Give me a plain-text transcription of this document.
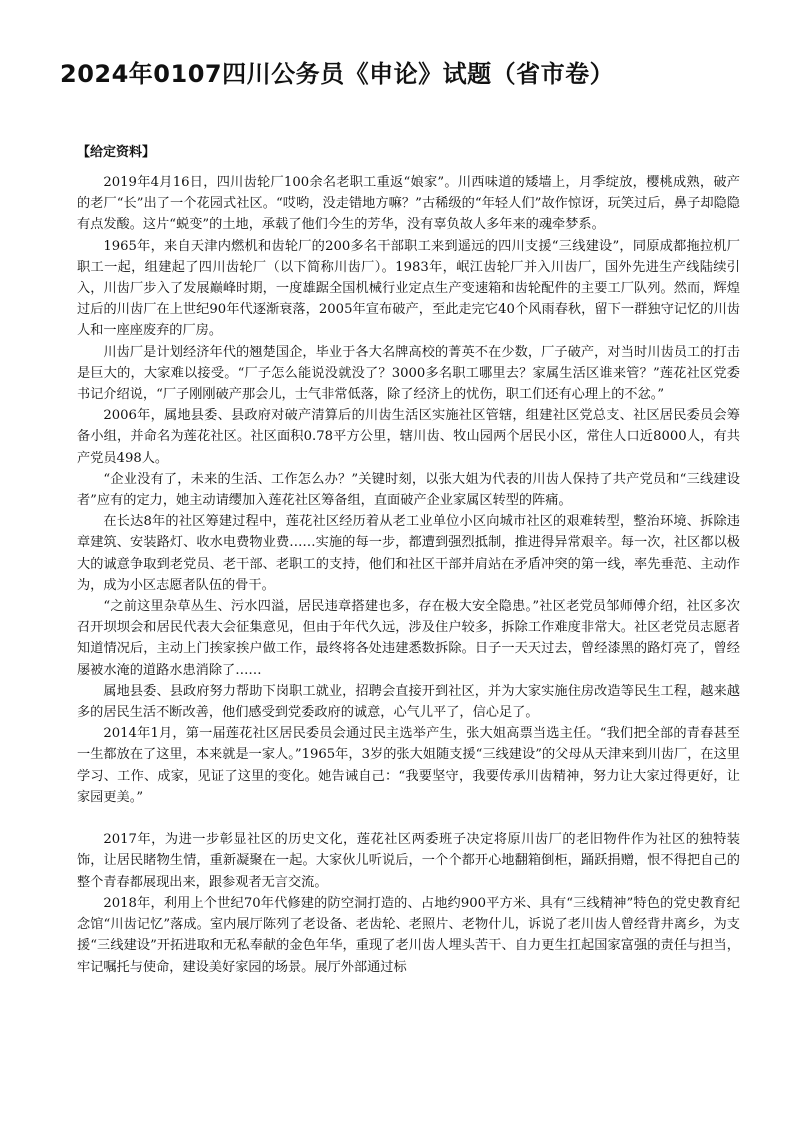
2024年0107四川公务员《申论》试题（省市卷）
【给定资料】

2019年4月16日，四川齿轮厂100余名老职工重返“娘家”。川西味道的矮墙上，月季绽放，樱桃成熟，破产的老厂“长”出了一个花园式社区。“哎哟，没走错地方嘛？”古稀级的“年轻人们”故作惊讶，玩笑过后，鼻子却隐隐有点发酸。这片“蜕变”的土地，承载了他们今生的芳华，没有辜负故人多年来的魂牵梦系。

1965年，来自天津内燃机和齿轮厂的200多名干部职工来到遥远的四川支援“三线建设”，同原成都拖拉机厂职工一起，组建起了四川齿轮厂（以下简称川齿厂）。1983年，岷江齿轮厂并入川齿厂，国外先进生产线陆续引入，川齿厂步入了发展巅峰时期，一度雄踞全国机械行业定点生产变速箱和齿轮配件的主要工厂队列。然而，辉煌过后的川齿厂在上世纪90年代逐渐衰落，2005年宣布破产，至此走完它40个风雨春秋，留下一群独守记忆的川齿人和一座座废弃的厂房。

川齿厂是计划经济年代的翘楚国企，毕业于各大名牌高校的菁英不在少数，厂子破产，对当时川齿员工的打击是巨大的，大家难以接受。“厂子怎么能说没就没了？3000多名职工哪里去？家属生活区谁来管？”莲花社区党委书记介绍说，“厂子刚刚破产那会儿，士气非常低落，除了经济上的忧伤，职工们还有心理上的不忿。”

2006年，属地县委、县政府对破产清算后的川齿生活区实施社区管辖，组建社区党总支、社区居民委员会筹备小组，并命名为莲花社区。社区面积0.78平方公里，辖川齿、牧山园两个居民小区，常住人口近8000人，有共产党员498人。

“企业没有了，未来的生活、工作怎么办？”关键时刻，以张大姐为代表的川齿人保持了共产党员和“三线建设者”应有的定力，她主动请缨加入莲花社区筹备组，直面破产企业家属区转型的阵痛。

在长达8年的社区筹建过程中，莲花社区经历着从老工业单位小区向城市社区的艰难转型，整治环境、拆除违章建筑、安装路灯、收水电费物业费……实施的每一步，都遭到强烈抵制，推进得异常艰辛。每一次，社区都以极大的诚意争取到老党员、老干部、老职工的支持，他们和社区干部并肩站在矛盾冲突的第一线，率先垂范、主动作为，成为小区志愿者队伍的骨干。

“之前这里杂草丛生、污水四溢，居民违章搭建也多，存在极大安全隐患。”社区老党员邹师傅介绍，社区多次召开坝坝会和居民代表大会征集意见，但由于年代久远，涉及住户较多，拆除工作难度非常大。社区老党员志愿者知道情况后，主动上门挨家挨户做工作，最终将各处违建悉数拆除。日子一天天过去，曾经漆黑的路灯亮了，曾经屡被水淹的道路水患消除了……

属地县委、县政府努力帮助下岗职工就业，招聘会直接开到社区，并为大家实施住房改造等民生工程，越来越多的居民生活不断改善，他们感受到党委政府的诚意，心气儿平了，信心足了。

2014年1月，第一届莲花社区居民委员会通过民主选举产生，张大姐高票当选主任。“我们把全部的青春甚至一生都放在了这里，本来就是一家人。”1965年，3岁的张大姐随支援“三线建设”的父母从天津来到川齿厂，在这里学习、工作、成家，见证了这里的变化。她告诫自己：“我要坚守，我要传承川齿精神，努力让大家过得更好，让家园更美。”

2017年，为进一步彰显社区的历史文化，莲花社区两委班子决定将原川齿厂的老旧物件作为社区的独特装饰，让居民睹物生情，重新凝聚在一起。大家伙儿听说后，一个个都开心地翻箱倒柜，踊跃捐赠，恨不得把自己的整个青春都展现出来，跟参观者无言交流。

2018年，利用上个世纪70年代修建的防空洞打造的、占地约900平方米、具有“三线精神”特色的党史教育纪念馆“川齿记忆”落成。室内展厅陈列了老设备、老齿轮、老照片、老物什儿，诉说了老川齿人曾经背井离乡，为支援“三线建设”开拓进取和无私奉献的金色年华，重现了老川齿人埋头苦干、自力更生扛起国家富强的责任与担当，牢记嘱托与使命，建设美好家园的场景。展厅外部通过标
